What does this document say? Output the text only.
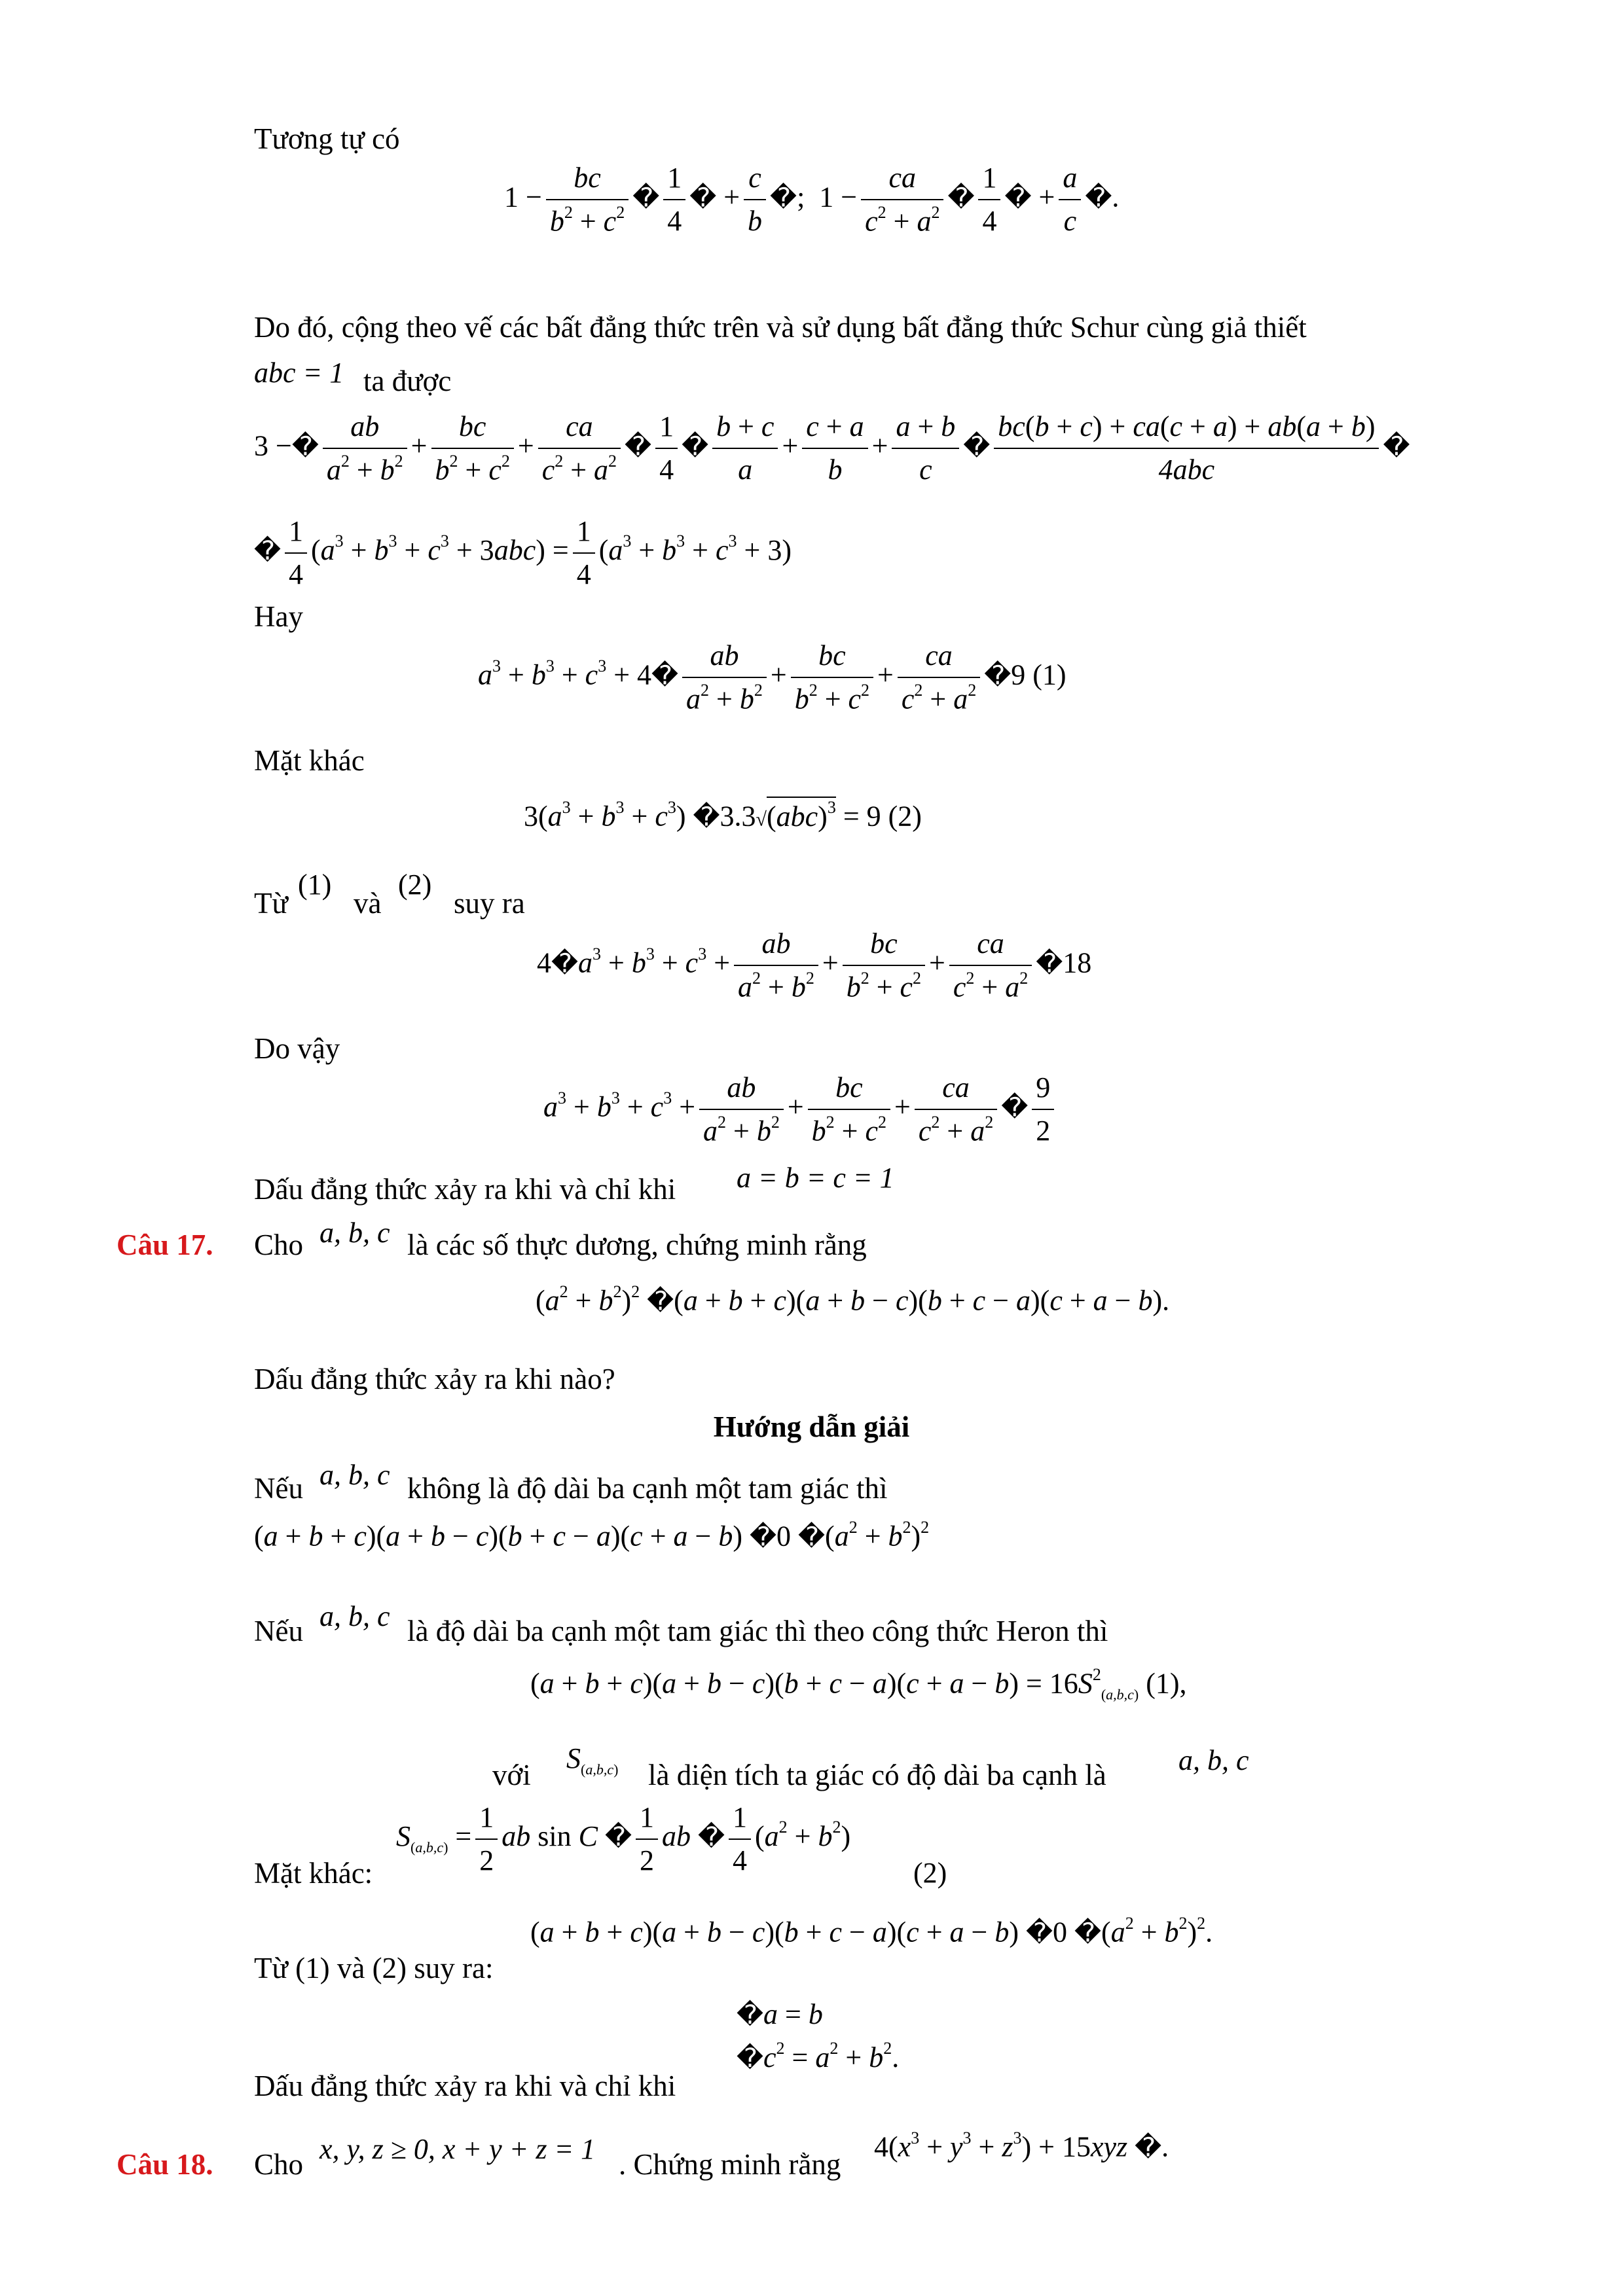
Tương tự có
$1 - \frac{bc}{b^2 + c^2}$ � $\frac{1}{4}$ � + $\frac{c}{b}$ �;  $1 - \frac{ca}{c^2 + a^2}$ � $\frac{1}{4}$ � + $\frac{a}{c}$ �.
Do đó, cộng theo vế các bất đẳng thức trên và sử dụng bất đẳng thức Schur cùng giả thiết
abc = 1 ta được
3 −� $\frac{ab}{a^2 + b^2} + \frac{bc}{b^2 + c^2} + \frac{ca}{c^2 + a^2}$ � $\frac{1}{4}$ � $\frac{b + c}{a} + \frac{c + a}{b} + \frac{a + b}{c}$ � $\frac{bc(b + c) + ca(c + a) + ab(a + b)}{\text{4abc}}$ �
� $\frac{1}{4} (a^3 + b^3 + c^3 + 3abc) = \frac{1}{4} (a^3 + b^3 + c^3 + 3)$
Hay
$a^3 + b^3 + c^3$ + 4� $\frac{ab}{a^2 + b^2} + \frac{bc}{b^2 + c^2} + \frac{ca}{c^2 + a^2}$ �9 (1)
Mặt khác
$3(a^3 + b^3 + c^3)$ �3.3√(abc)$^3$ = 9 (2)
Từ
(1)
và
(2)
suy ra
$4�a^3 + b^3 + c^3 + \frac{ab}{a^2 + b^2} + \frac{bc}{b^2 + c^2} + \frac{ca}{c^2 + a^2}$ �18
Do vậy
$a^3 + b^3 + c^3 + \frac{ab}{a^2 + b^2} + \frac{bc}{b^2 + c^2} + \frac{ca}{c^2 + a^2}$ � $\frac{9}{2}$
Dấu đẳng thức xảy ra khi và chỉ khi a = b = c = 1
Câu 17. Cho a, b, c là các số thực dương, chứng minh rằng
$(a^2 + b^2)^2$ �(a + b + c)(a + b − c)(b + c − a)(c + a − b).
Dấu đẳng thức xảy ra khi nào?
Hướng dẫn giải
Nếu a, b, c không là độ dài ba cạnh một tam giác thì
(a + b + c)(a + b − c)(b + c − a)(c + a − b) �0 $�(a^2 + b^2)^2$
Nếu a, b, c là độ dài ba cạnh một tam giác thì theo công thức Heron thì
$(a + b + c)(a + b - c)(b + c - a)(c + a - b) = 16S^2_{(a,b,c)}$ (1),
với
$S_{(a,b,c)}$ là diện tích ta giác có độ dài ba cạnh là	a, b, c
$S_{(a,b,c)} = \frac{1}{2}$ ab sin C � $\frac{1}{2}$ ab � $\frac{1}{4} (a^2 + b^2)$
Mặt khác:	(2)
(a + b + c)(a + b − c)(b + c − a)(c + a − b) �0 $�(a^2 + b^2)^2$.
Từ (1) và (2) suy ra:
�a = b
$�c^2 = a^2 + b^2$.
Dấu đẳng thức xảy ra khi và chỉ khi
Câu 18. Cho x, y, z ≥ 0, x + y + z = 1 . Chứng minh rằng
$4(x^3 + y^3 + z^3) + 15xyz$ �.
